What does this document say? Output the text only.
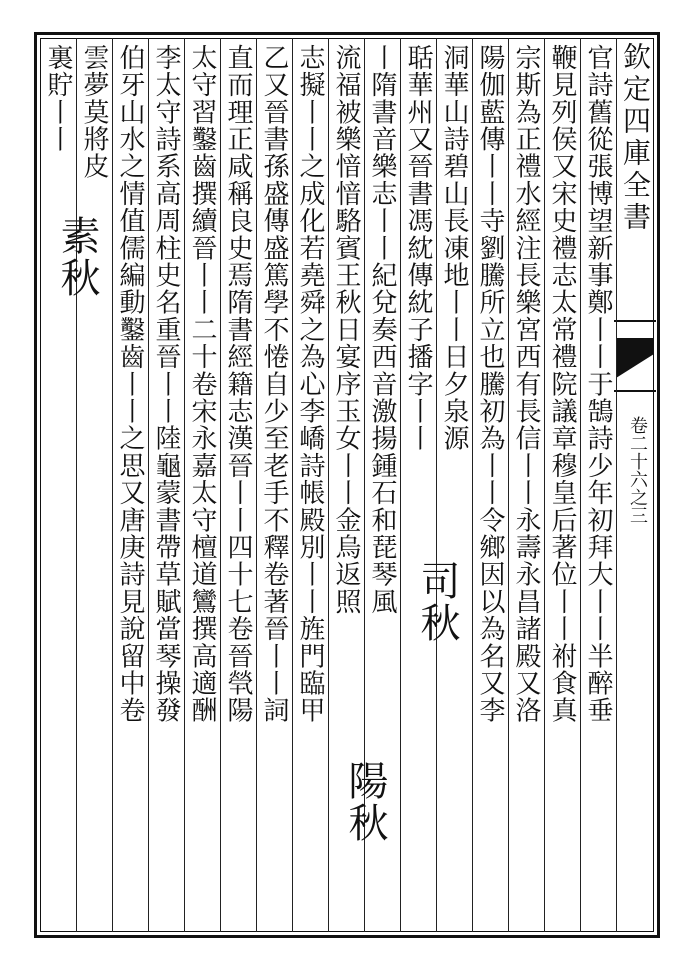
欽定四庫全書
卷二十六之三
官詩舊從張博望新事鄭丨丨于鵠詩少年初拜大丨丨半醉垂
鞭見列侯又宋史禮志太常禮院議章穆皇后著位丨丨祔食真
宗斯為正禮水經注長樂宮西有長信丨丨永壽永昌諸殿又洛
陽伽藍傳丨丨寺劉騰所立也騰初為丨丨令鄉因以為名又李
洞華山詩碧山長凍地丨丨日夕泉源
聒華州又晉書馮紞傳紞子播字丨丨
司秋
丨隋書音樂志丨丨紀兌奏西音激揚鍾石和琵琴風
流福被樂愔愔駱賓王秋日宴序玉女丨丨金烏返照
陽秋
志擬丨丨之成化若堯舜之為心李嶠詩帳殿別丨丨旌門臨甲
乙又晉書孫盛傳盛篤學不惓自少至老手不釋卷著晉丨丨詞
直而理正咸稱良史焉隋書經籍志漢晉丨丨四十七卷晉煢陽
太守習鑿齒撰續晉丨丨二十卷宋永嘉太守檀道鸞撰高適酬
李太守詩系高周柱史名重晉丨丨陸龜蒙書帶草賦當琴操發
伯牙山水之情值儒編動鑿齒丨丨之思又唐庚詩見說留中卷
雲夢莫將皮
裏貯丨丨
素秋
